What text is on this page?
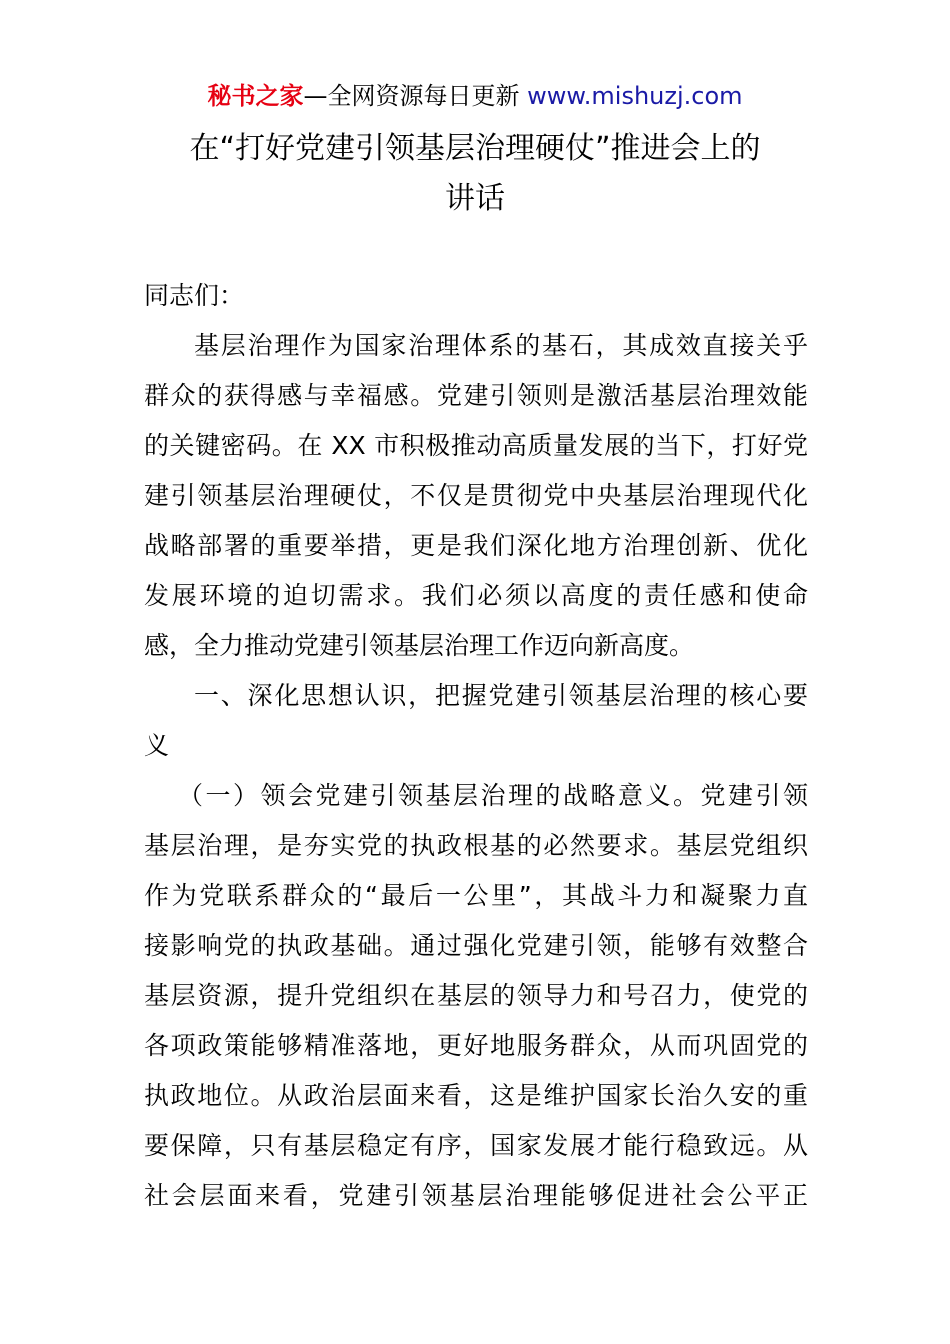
秘书之家—全网资源每日更新 www.mishuzj.com
在“打好党建引领基层治理硬仗”推进会上的
讲话
同志们：
基层治理作为国家治理体系的基石，其成效直接关乎
群众的获得感与幸福感。党建引领则是激活基层治理效能
的关键密码。在 XX 市积极推动高质量发展的当下，打好党
建引领基层治理硬仗，不仅是贯彻党中央基层治理现代化
战略部署的重要举措，更是我们深化地方治理创新、优化
发展环境的迫切需求。我们必须以高度的责任感和使命
感，全力推动党建引领基层治理工作迈向新高度。
一、深化思想认识，把握党建引领基层治理的核心要
义
（一）领会党建引领基层治理的战略意义。党建引领
基层治理，是夯实党的执政根基的必然要求。基层党组织
作为党联系群众的“最后一公里”，其战斗力和凝聚力直
接影响党的执政基础。通过强化党建引领，能够有效整合
基层资源，提升党组织在基层的领导力和号召力，使党的
各项政策能够精准落地，更好地服务群众，从而巩固党的
执政地位。从政治层面来看，这是维护国家长治久安的重
要保障，只有基层稳定有序，国家发展才能行稳致远。从
社会层面来看，党建引领基层治理能够促进社会公平正
